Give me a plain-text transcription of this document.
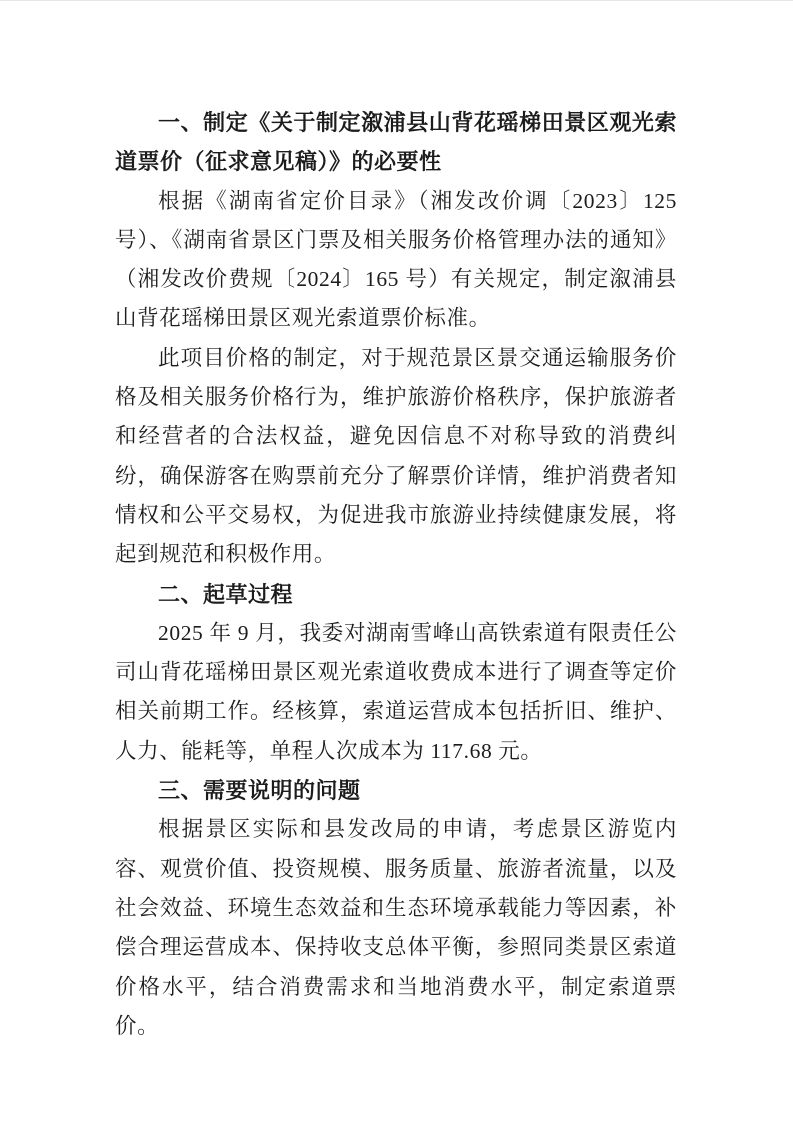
一、制定《关于制定溆浦县山背花瑶梯田景区观光索道票价（征求意见稿）》的必要性

根据《湖南省定价目录》（湘发改价调〔2023〕125 号）、《湖南省景区门票及相关服务价格管理办法的通知》（湘发改价费规〔2024〕165 号）有关规定，制定溆浦县山背花瑶梯田景区观光索道票价标准。

此项目价格的制定，对于规范景区景交通运输服务价格及相关服务价格行为，维护旅游价格秩序，保护旅游者和经营者的合法权益，避免因信息不对称导致的消费纠纷，确保游客在购票前充分了解票价详情，维护消费者知情权和公平交易权，为促进我市旅游业持续健康发展，将起到规范和积极作用。

二、起草过程

2025 年 9 月，我委对湖南雪峰山高铁索道有限责任公司山背花瑶梯田景区观光索道收费成本进行了调查等定价相关前期工作。经核算，索道运营成本包括折旧、维护、人力、能耗等，单程人次成本为 117.68 元。

三、需要说明的问题

根据景区实际和县发改局的申请，考虑景区游览内容、观赏价值、投资规模、服务质量、旅游者流量，以及社会效益、环境生态效益和生态环境承载能力等因素，补偿合理运营成本、保持收支总体平衡，参照同类景区索道价格水平，结合消费需求和当地消费水平，制定索道票价。
